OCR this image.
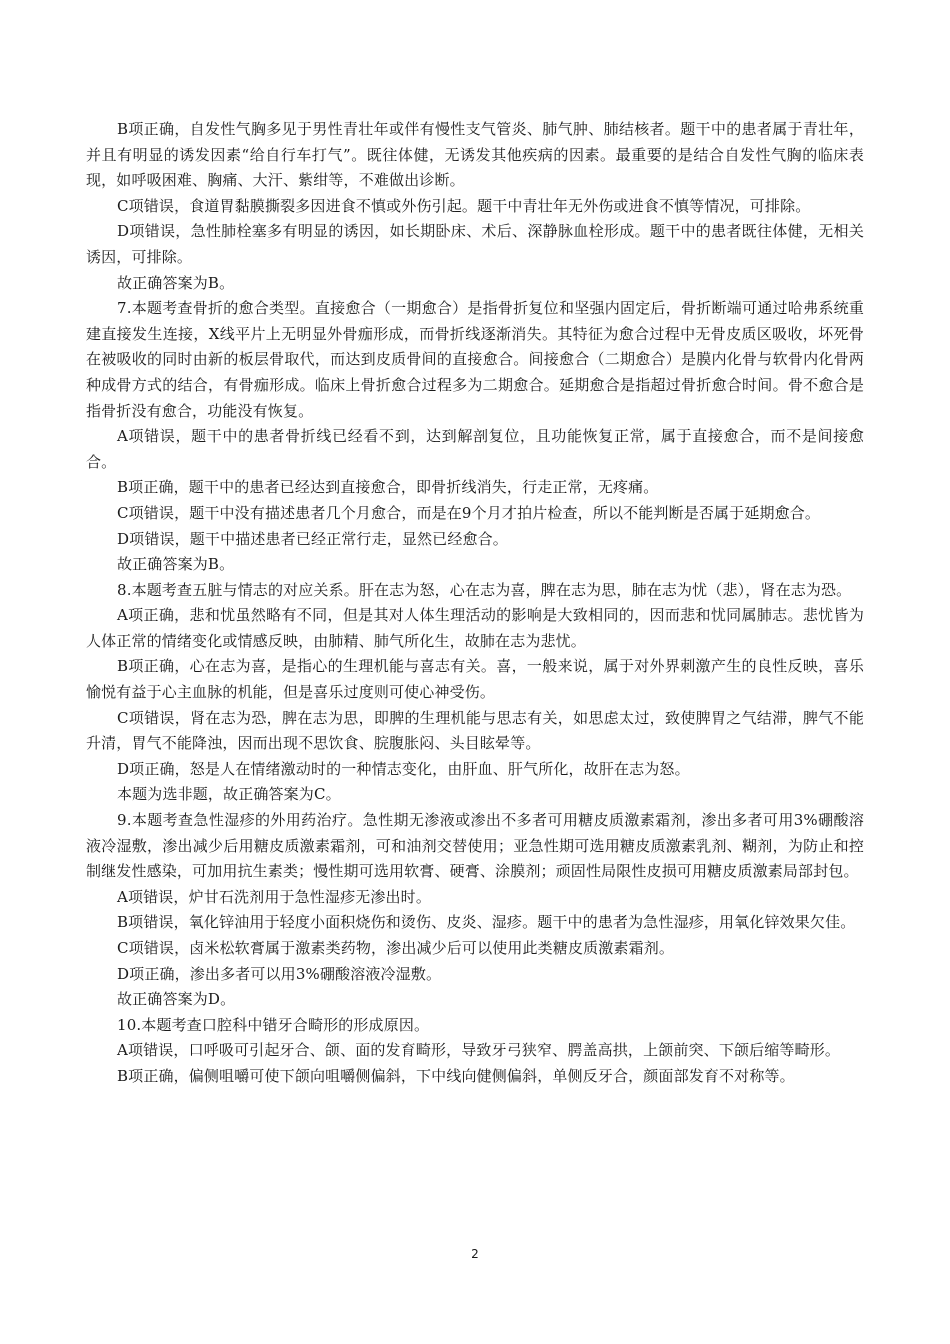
B项正确，自发性气胸多见于男性青壮年或伴有慢性支气管炎、肺气肿、肺结核者。题干中的患者属于青壮年，并且有明显的诱发因素“给自行车打气”。既往体健，无诱发其他疾病的因素。最重要的是结合自发性气胸的临床表现，如呼吸困难、胸痛、大汗、紫绀等，不难做出诊断。

C项错误，食道胃黏膜撕裂多因进食不慎或外伤引起。题干中青壮年无外伤或进食不慎等情况，可排除。

D项错误，急性肺栓塞多有明显的诱因，如长期卧床、术后、深静脉血栓形成。题干中的患者既往体健，无相关诱因，可排除。

故正确答案为B。

7.本题考查骨折的愈合类型。直接愈合（一期愈合）是指骨折复位和坚强内固定后，骨折断端可通过哈弗系统重建直接发生连接，X线平片上无明显外骨痂形成，而骨折线逐渐消失。其特征为愈合过程中无骨皮质区吸收，坏死骨在被吸收的同时由新的板层骨取代，而达到皮质骨间的直接愈合。间接愈合（二期愈合）是膜内化骨与软骨内化骨两种成骨方式的结合，有骨痂形成。临床上骨折愈合过程多为二期愈合。延期愈合是指超过骨折愈合时间。骨不愈合是指骨折没有愈合，功能没有恢复。

A项错误，题干中的患者骨折线已经看不到，达到解剖复位，且功能恢复正常，属于直接愈合，而不是间接愈合。

B项正确，题干中的患者已经达到直接愈合，即骨折线消失，行走正常，无疼痛。

C项错误，题干中没有描述患者几个月愈合，而是在9个月才拍片检查，所以不能判断是否属于延期愈合。

D项错误，题干中描述患者已经正常行走，显然已经愈合。

故正确答案为B。

8.本题考查五脏与情志的对应关系。肝在志为怒，心在志为喜，脾在志为思，肺在志为忧（悲），肾在志为恐。

A项正确，悲和忧虽然略有不同，但是其对人体生理活动的影响是大致相同的，因而悲和忧同属肺志。悲忧皆为人体正常的情绪变化或情感反映，由肺精、肺气所化生，故肺在志为悲忧。

B项正确，心在志为喜，是指心的生理机能与喜志有关。喜，一般来说，属于对外界刺激产生的良性反映，喜乐愉悦有益于心主血脉的机能，但是喜乐过度则可使心神受伤。

C项错误，肾在志为恐，脾在志为思，即脾的生理机能与思志有关，如思虑太过，致使脾胃之气结滞，脾气不能升清，胃气不能降浊，因而出现不思饮食、脘腹胀闷、头目眩晕等。

D项正确，怒是人在情绪激动时的一种情志变化，由肝血、肝气所化，故肝在志为怒。

本题为选非题，故正确答案为C。

9.本题考查急性湿疹的外用药治疗。急性期无渗液或渗出不多者可用糖皮质激素霜剂，渗出多者可用3%硼酸溶液冷湿敷，渗出减少后用糖皮质激素霜剂，可和油剂交替使用；亚急性期可选用糖皮质激素乳剂、糊剂，为防止和控制继发性感染，可加用抗生素类；慢性期可选用软膏、硬膏、涂膜剂；顽固性局限性皮损可用糖皮质激素局部封包。

A项错误，炉甘石洗剂用于急性湿疹无渗出时。

B项错误，氧化锌油用于轻度小面积烧伤和烫伤、皮炎、湿疹。题干中的患者为急性湿疹，用氧化锌效果欠佳。

C项错误，卤米松软膏属于激素类药物，渗出减少后可以使用此类糖皮质激素霜剂。

D项正确，渗出多者可以用3%硼酸溶液冷湿敷。

故正确答案为D。

10.本题考查口腔科中错牙合畸形的形成原因。

A项错误，口呼吸可引起牙合、颌、面的发育畸形，导致牙弓狭窄、腭盖高拱，上颌前突、下颌后缩等畸形。

B项正确，偏侧咀嚼可使下颌向咀嚼侧偏斜，下中线向健侧偏斜，单侧反牙合，颜面部发育不对称等。

2
